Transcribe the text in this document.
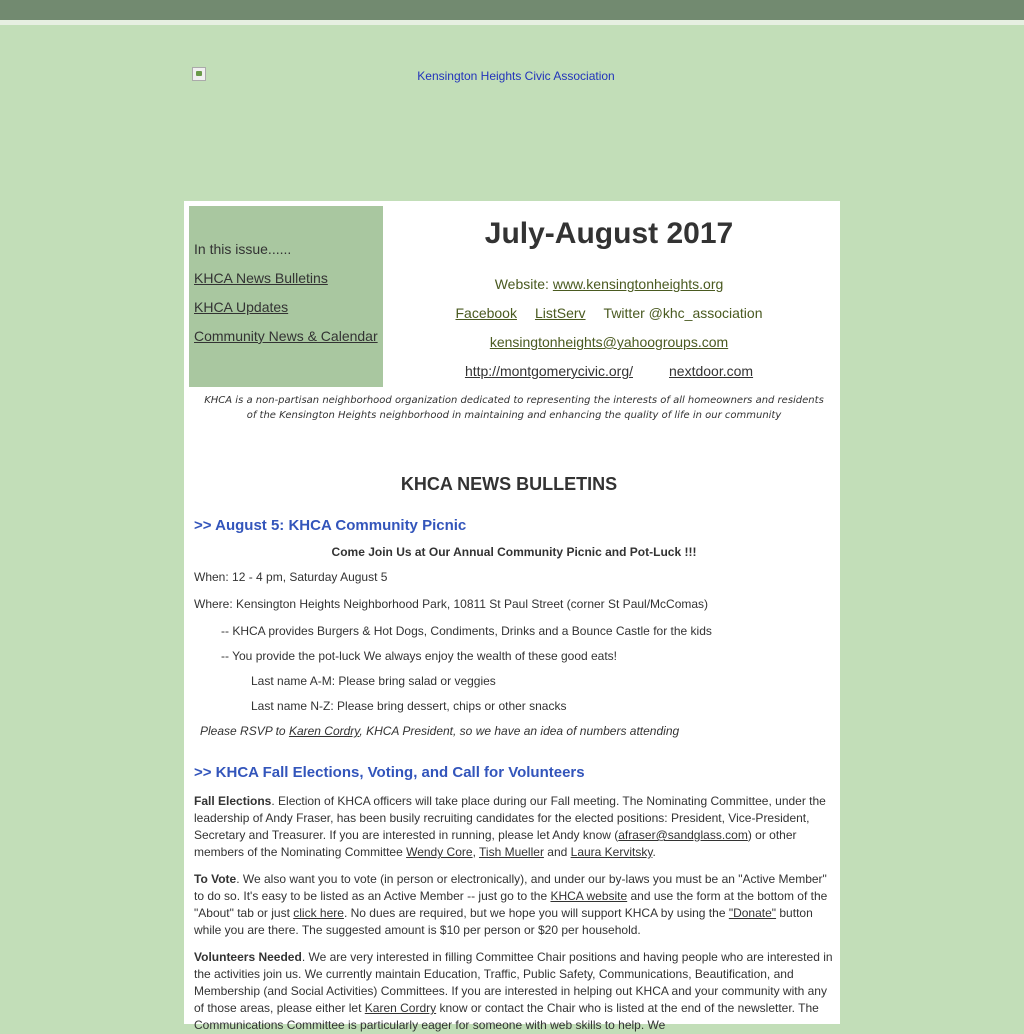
Kensington Heights Civic Association
In this issue......
KHCA News Bulletins
KHCA Updates
Community News & Calendar
July-August 2017
Website: www.kensingtonheights.org
Facebook ListServ Twitter @khc_association
kensingtonheights@yahoogroups.com
http://montgomerycivic.org/	nextdoor.com
KHCA is a non-partisan neighborhood organization dedicated to representing the interests of all homeowners and residents of the Kensington Heights neighborhood in maintaining and enhancing the quality of life in our community
KHCA NEWS BULLETINS
>> August 5: KHCA Community Picnic
Come Join Us at Our Annual Community Picnic and Pot-Luck !!!
When: 12 - 4 pm, Saturday August 5
Where: Kensington Heights Neighborhood Park, 10811 St Paul Street (corner St Paul/McComas)
-- KHCA provides Burgers & Hot Dogs, Condiments, Drinks and a Bounce Castle for the kids
-- You provide the pot-luck We always enjoy the wealth of these good eats!
Last name A-M: Please bring salad or veggies
Last name N-Z: Please bring dessert, chips or other snacks
Please RSVP to Karen Cordry, KHCA President, so we have an idea of numbers attending
>> KHCA Fall Elections, Voting, and Call for Volunteers

Fall Elections. Election of KHCA officers will take place during our Fall meeting. The Nominating Committee, under the leadership of Andy Fraser, has been busily recruiting candidates for the elected positions: President, Vice-President, Secretary and Treasurer. If you are interested in running, please let Andy know (afraser@sandglass.com) or other members of the Nominating Committee Wendy Core, Tish Mueller and Laura Kervitsky.

To Vote. We also want you to vote (in person or electronically), and under our by-laws you must be an "Active Member" to do so. It's easy to be listed as an Active Member -- just go to the KHCA website and use the form at the bottom of the "About" tab or just click here. No dues are required, but we hope you will support KHCA by using the "Donate" button while you are there. The suggested amount is $10 per person or $20 per household.

Volunteers Needed. We are very interested in filling Committee Chair positions and having people who are interested in the activities join us. We currently maintain Education, Traffic, Public Safety, Communications, Beautification, and Membership (and Social Activities) Committees. If you are interested in helping out KHCA and your community with any of those areas, please either let Karen Cordry know or contact the Chair who is listed at the end of the newsletter. The Communications Committee is particularly eager for someone with web skills to help. We
